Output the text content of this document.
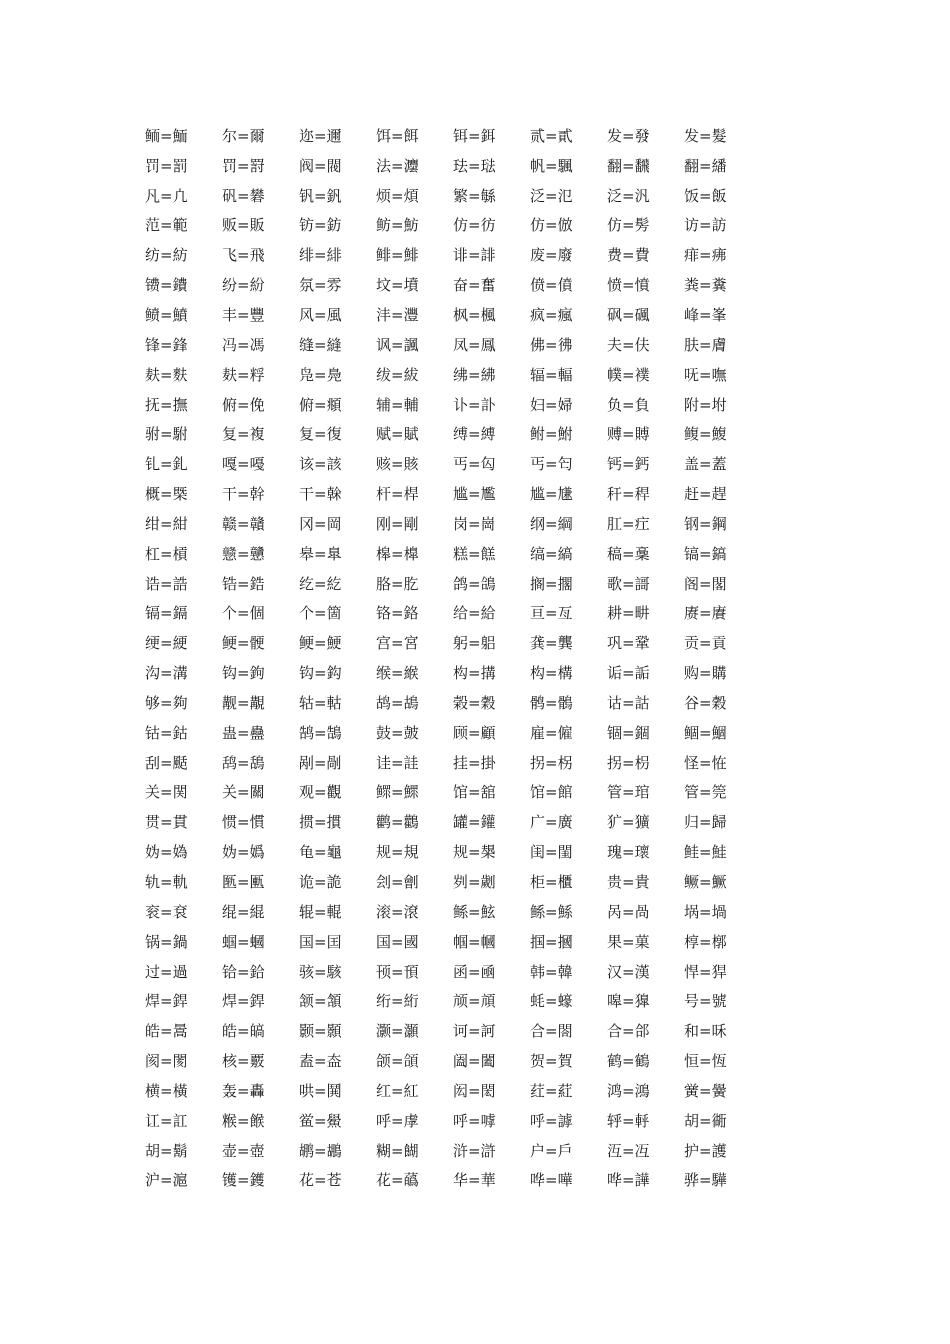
鲕=鮞	尔=爾	迩=邇	饵=餌	铒=鉺	贰=貳	发=發	发=髮
罚=罰	罚=罸	阀=閥	法=灋	珐=琺	帆=颿	翻=飜	翻=繙
凡=凣	矾=礬	钒=釩	烦=煩	繁=緐	泛=氾	泛=汎	饭=飯
范=範	贩=販	钫=鈁	鲂=魴	仿=彷	仿=倣	仿=髣	访=訪
纺=紡	飞=飛	绯=緋	鲱=鯡	诽=誹	废=廢	费=費	痱=疿
镄=鐨	纷=紛	氛=雰	坟=墳	奋=奮	偾=僨	愤=憤	粪=糞
鲼=鱝	丰=豐	风=風	沣=灃	枫=楓	疯=瘋	砜=碸	峰=峯
锋=鋒	冯=馮	缝=縫	讽=諷	凤=鳳	佛=彿	夫=伕	肤=膚
麸=麩	麸=粰	凫=鳧	绂=紱	绋=紼	辐=輻	幞=襆	呒=嘸
抚=撫	俯=俛	俯=頫	辅=輔	讣=訃	妇=婦	负=負	附=坿
驸=駙	复=複	复=復	赋=賦	缚=縛	鲋=鮒	赙=賻	鳆=鰒
钆=釓	嘎=嘠	该=該	赅=賅	丐=匃	丐=匄	钙=鈣	盖=蓋
概=槩	干=幹	干=榦	杆=桿	尴=尷	尴=尲	秆=稈	赶=趕
绀=紺	赣=贛	冈=岡	刚=剛	岗=崗	纲=綱	肛=疘	钢=鋼
杠=槓	戆=戇	皋=臯	槔=橰	糕=餻	缟=縞	稿=稾	镐=鎬
诰=誥	锆=鋯	纥=紇	胳=肐	鸽=鴿	搁=擱	歌=謌	阁=閣
镉=鎘	个=個	个=箇	铬=鉻	给=給	亘=亙	耕=畊	赓=賡
绠=綆	鲠=骾	鲠=鯁	宫=宮	躬=躳	龚=龔	巩=鞏	贡=貢
沟=溝	钩=鉤	钩=鈎	缑=緱	构=搆	构=構	诟=詬	购=購
够=夠	觏=覯	轱=軲	鸪=鴣	榖=穀	鹘=鶻	诂=詁	谷=穀
钴=鈷	蛊=蠱	鹄=鵠	鼓=皷	顾=顧	雇=僱	锢=錮	鲴=鯝
刮=颳	鸹=鴰	剐=剮	诖=詿	挂=掛	拐=柺	拐=枴	怪=恠
关=関	关=關	观=觀	鳏=鰥	馆=舘	馆=館	管=琯	管=筦
贯=貫	惯=慣	掼=摜	鹳=鸛	罐=鑵	广=廣	犷=獷	归=歸
妫=媯	妫=嬀	龟=龜	规=規	规=槼	闺=閨	瑰=瓌	鲑=鮭
轨=軌	匦=匭	诡=詭	刽=劊	刿=劌	柜=櫃	贵=貴	鳜=鱖
衮=袞	绲=緄	辊=輥	滚=滾	鲧=鮌	鲧=鯀	呙=咼	埚=堝
锅=鍋	蝈=蟈	国=囯	国=國	帼=幗	掴=摑	果=菓	椁=槨
过=過	铪=鉿	骇=駭	顸=頇	函=凾	韩=韓	汉=漢	悍=猂
焊=銲	焊=銲	颔=頷	绗=絎	颃=頏	蚝=蠔	嗥=獋	号=號
皓=暠	皓=皜	颢=顥	灏=灝	诃=訶	合=閤	合=郃	和=咊
阂=閡	核=覈	盍=盇	颌=頜	阖=闔	贺=賀	鹤=鶴	恒=恆
横=橫	轰=轟	哄=鬨	红=紅	闳=閎	荭=葒	鸿=鴻	黉=黌
讧=訌	糇=餱	鲎=鱟	呼=虖	呼=嘑	呼=謼	轷=軤	胡=衚
胡=鬍	壶=壺	鹕=鶘	糊=餬	浒=滸	户=戶	沍=冱	护=護
沪=滬	镬=鑊	花=苍	花=蘤	华=華	哗=嘩	哗=譁	骅=驊
